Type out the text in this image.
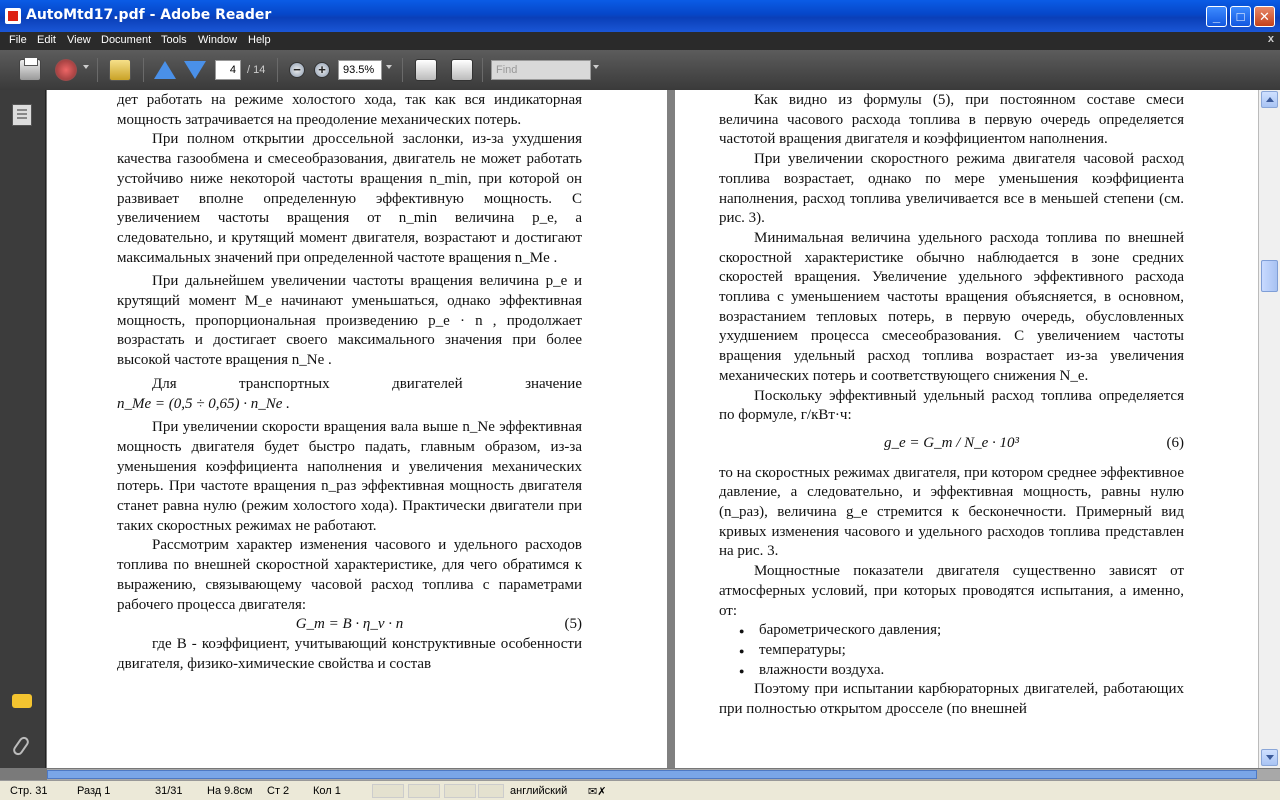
AutoMtd17.pdf - Adobe Reader	_	□	✕
File Edit View Document Tools Window Help	x
4	/ 14	−	+	93.5%	Find

дет работать на режиме холостого хода, так как вся индикаторная мощность затрачивается на преодоление механических потерь.

При полном открытии дроссельной заслонки, из-за ухудшения качества газообмена и смесеобразования, двигатель не может работать устойчиво ниже некоторой частоты вращения n_min, при которой он развивает вполне определенную эффективную мощность. С увеличением частоты вращения от n_min величина p_e, а следовательно, и крутящий момент двигателя, возрастают и достигают максимальных значений при определенной частоте вращения n_Me .

При дальнейшем увеличении частоты вращения величина p_e и крутящий момент M_e начинают уменьшаться, однако эффективная мощность, пропорциональная произведению p_e · n , продолжает возрастать и достигает своего максимального значения при более высокой частоте вращения n_Ne .

Для транспортных двигателей значение

n_Me = (0,5 ÷ 0,65) · n_Ne .

При увеличении скорости вращения вала выше n_Ne эффективная мощность двигателя будет быстро падать, главным образом, из-за уменьшения коэффициента наполнения и увеличения механических потерь. При частоте вращения n_раз эффективная мощность двигателя станет равна нулю (режим холостого хода). Практически двигатели при таких скоростных режимах не работают.

Рассмотрим характер изменения часового и удельного расходов топлива по внешней скоростной характеристике, для чего обратимся к выражению, связывающему часовой расход топлива с параметрами рабочего процесса двигателя:

G_m = B · η_v · n	(5)

где B - коэффициент, учитывающий конструктивные особенности двигателя, физико-химические свойства и состав

Как видно из формулы (5), при постоянном составе смеси величина часового расхода топлива в первую очередь определяется частотой вращения двигателя и коэффициентом наполнения.

При увеличении скоростного режима двигателя часовой расход топлива возрастает, однако по мере уменьшения коэффициента наполнения, расход топлива увеличивается все в меньшей степени (см. рис. 3).

Минимальная величина удельного расхода топлива по внешней скоростной характеристике обычно наблюдается в зоне средних скоростей вращения. Увеличение удельного эффективного расхода топлива с уменьшением частоты вращения объясняется, в основном, возрастанием тепловых потерь, в первую очередь, обусловленных ухудшением процесса смесеобразования. С увеличением частоты вращения удельный расход топлива возрастает из-за увеличения механических потерь и соответствующего снижения N_e.

Поскольку эффективный удельный расход топлива определяется по формуле, г/кВт·ч:

g_e = G_m / N_e · 10³	(6)

то на скоростных режимах двигателя, при котором среднее эффективное давление, а следовательно, и эффективная мощность, равны нулю (n_раз), величина g_e стремится к бесконечности. Примерный вид кривых изменения часового и удельного расходов топлива представлен на рис. 3.

Мощностные показатели двигателя существенно зависят от атмосферных условий, при которых проводятся испытания, а именно, от:

● барометрического давления;
● температуры;
● влажности воздуха.

Поэтому при испытании карбюраторных двигателей, работающих при полностью открытом дросселе (по внешней

Стр. 31	Разд 1	31/31 На 9.8см Ст 2 Кол 1	английский ✉✗
